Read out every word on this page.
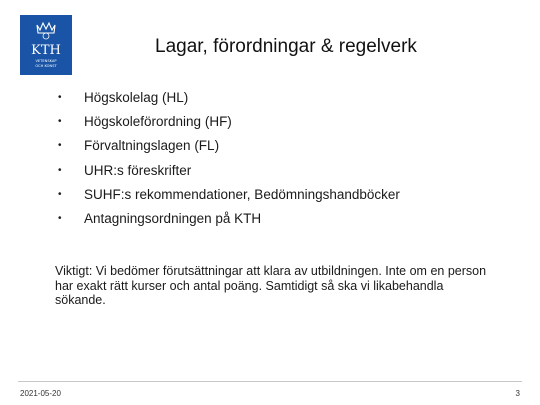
KTH
VETENSKAP
OCH KONST
Lagar, förordningar & regelverk
• Högskolelag (HL)
• Högskoleförordning (HF)
• Förvaltningslagen (FL)
• UHR:s föreskrifter
• SUHF:s rekommendationer, Bedömningshandböcker
• Antagningsordningen på KTH

Viktigt: Vi bedömer förutsättningar att klara av utbildningen. Inte om en person har exakt rätt kurser och antal poäng. Samtidigt så ska vi likabehandla sökande.

2021-05-20	3
